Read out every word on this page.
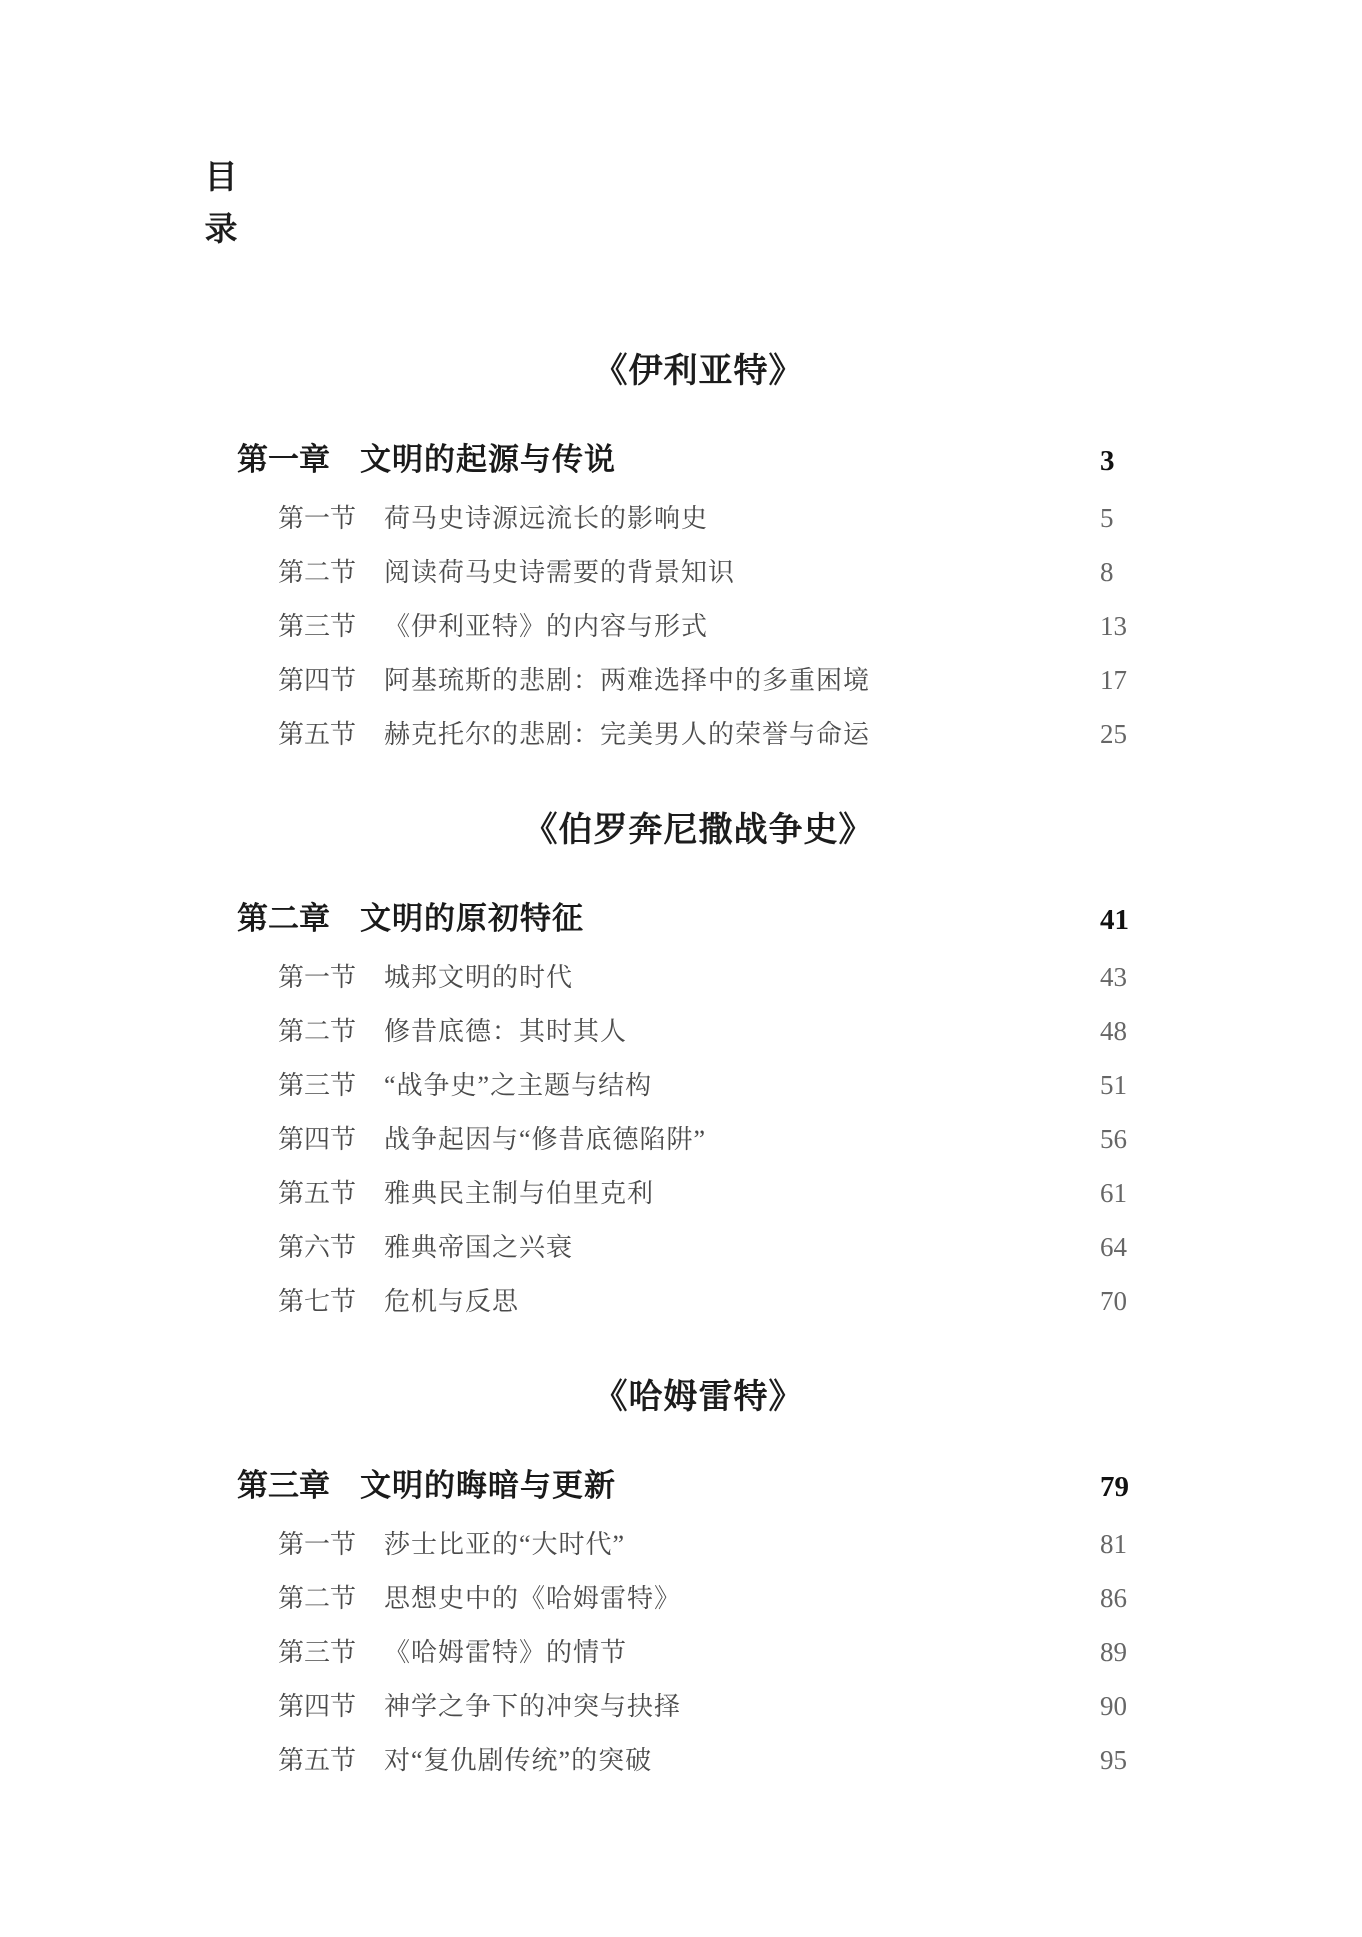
目
录
《伊利亚特》
第一章 文明的起源与传说	3
第一节 荷马史诗源远流长的影响史	5
第二节 阅读荷马史诗需要的背景知识	8
第三节 《伊利亚特》的内容与形式	13
第四节 阿基琉斯的悲剧：两难选择中的多重困境	17
第五节 赫克托尔的悲剧：完美男人的荣誉与命运	25
《伯罗奔尼撒战争史》
第二章 文明的原初特征	41
第一节 城邦文明的时代	43
第二节 修昔底德：其时其人	48
第三节 “战争史”之主题与结构	51
第四节 战争起因与“修昔底德陷阱”	56
第五节 雅典民主制与伯里克利	61
第六节 雅典帝国之兴衰	64
第七节 危机与反思	70
《哈姆雷特》
第三章 文明的晦暗与更新	79
第一节 莎士比亚的“大时代”	81
第二节 思想史中的《哈姆雷特》	86
第三节 《哈姆雷特》的情节	89
第四节 神学之争下的冲突与抉择	90
第五节 对“复仇剧传统”的突破	95
